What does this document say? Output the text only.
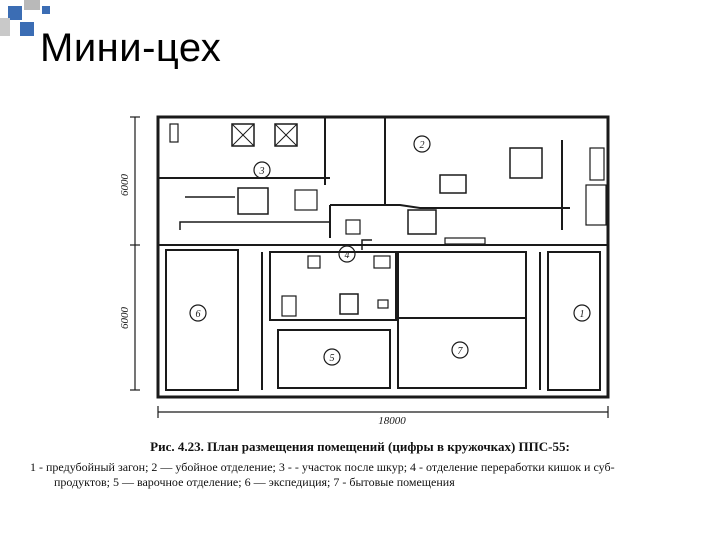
Мини-цех
1
2
3
4
5
6
7
6000
6000
18000
Рис. 4.23. План размещения помещений (цифры в кружочках) ППС-55:
1 - предубойный загон; 2 — убойное отделение; 3 - - участок после шкур; 4 - отделение переработки кишок и суб-
продуктов; 5 — варочное отделение; 6 — экспедиция; 7 - бытовые помещения
